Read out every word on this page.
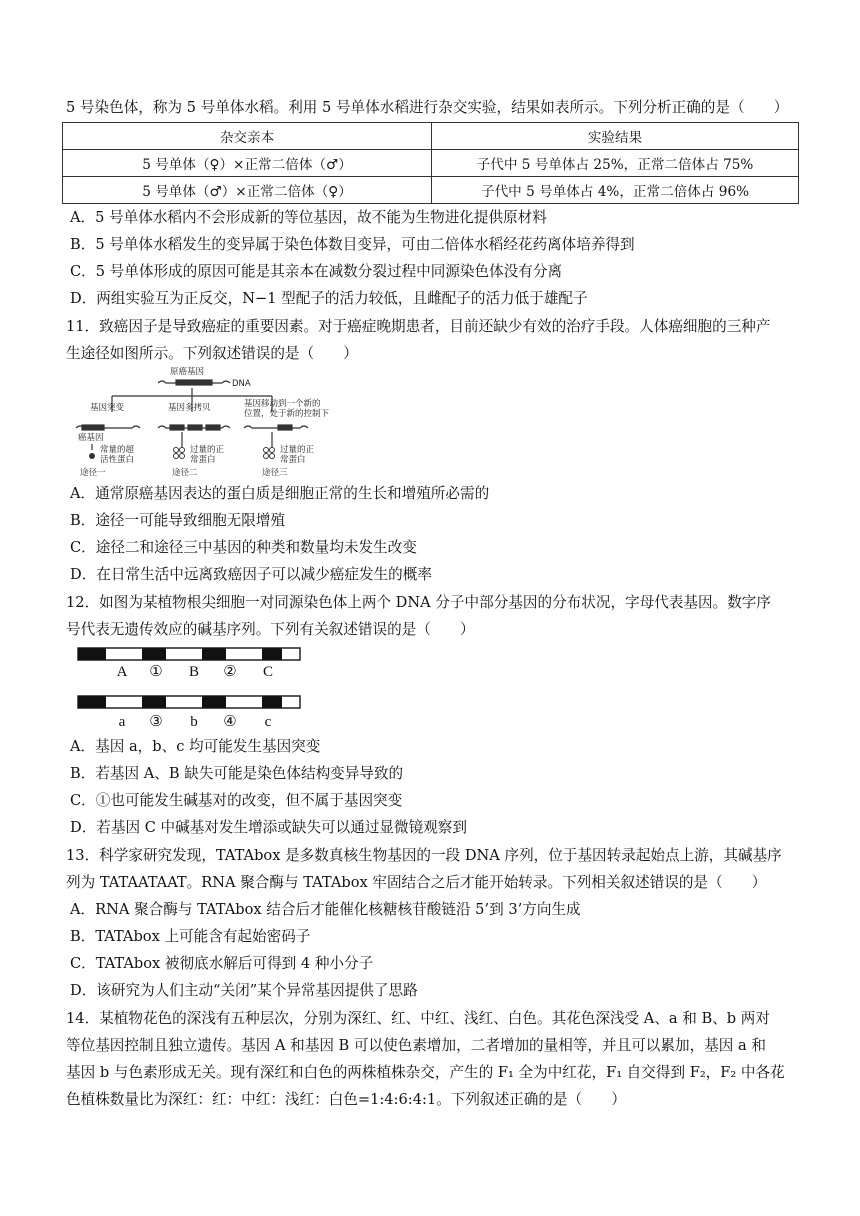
5 号染色体，称为 5 号单体水稻。利用 5 号单体水稻进行杂交实验，结果如表所示。下列分析正确的是（　　）
杂交亲本	实验结果
5 号单体（♀）×正常二倍体（♂）	子代中 5 号单体占 25%，正常二倍体占 75%
5 号单体（♂）×正常二倍体（♀）	子代中 5 号单体占 4%，正常二倍体占 96%
A．5 号单体水稻内不会形成新的等位基因，故不能为生物进化提供原材料
B．5 号单体水稻发生的变异属于染色体数目变异，可由二倍体水稻经花药离体培养得到
C．5 号单体形成的原因可能是其亲本在减数分裂过程中同源染色体没有分离
D．两组实验互为正反交，N−1 型配子的活力较低，且雌配子的活力低于雄配子
11．致癌因子是导致癌症的重要因素。对于癌症晚期患者，目前还缺少有效的治疗手段。人体癌细胞的三种产
生途径如图所示。下列叙述错误的是（　　）
原癌基因
DNA
基因突变	基因多拷贝	基因移动到一个新的
位置，处于新的控制下
癌基因
常量的超
活性蛋白
过量的正
常蛋白
过量的正
常蛋白
途径一	途径二	途径三
A．通常原癌基因表达的蛋白质是细胞正常的生长和增殖所必需的
B．途径一可能导致细胞无限增殖
C．途径二和途径三中基因的种类和数量均未发生改变
D．在日常生活中远离致癌因子可以减少癌症发生的概率
12．如图为某植物根尖细胞一对同源染色体上两个 DNA 分子中部分基因的分布状况，字母代表基因。数字序
号代表无遗传效应的碱基序列。下列有关叙述错误的是（　　）
A ① B ② C
a ③ b ④ c
A．基因 a，b、c 均可能发生基因突变
B．若基因 A、B 缺失可能是染色体结构变异导致的
C．①也可能发生碱基对的改变，但不属于基因突变
D．若基因 C 中碱基对发生增添或缺失可以通过显微镜观察到
13．科学家研究发现，TATAbox 是多数真核生物基因的一段 DNA 序列，位于基因转录起始点上游，其碱基序
列为 TATAATAAT。RNA 聚合酶与 TATAbox 牢固结合之后才能开始转录。下列相关叙述错误的是（　　）
A．RNA 聚合酶与 TATAbox 结合后才能催化核糖核苷酸链沿 5’到 3’方向生成
B．TATAbox 上可能含有起始密码子
C．TATAbox 被彻底水解后可得到 4 种小分子
D．该研究为人们主动“关闭”某个异常基因提供了思路
14．某植物花色的深浅有五种层次，分别为深红、红、中红、浅红、白色。其花色深浅受 A、a 和 B、b 两对
等位基因控制且独立遗传。基因 A 和基因 B 可以使色素增加，二者增加的量相等，并且可以累加，基因 a 和
基因 b 与色素形成无关。现有深红和白色的两株植株杂交，产生的 F₁ 全为中红花，F₁ 自交得到 F₂，F₂ 中各花
色植株数量比为深红：红：中红：浅红：白色=1:4:6:4:1。下列叙述正确的是（　　）
